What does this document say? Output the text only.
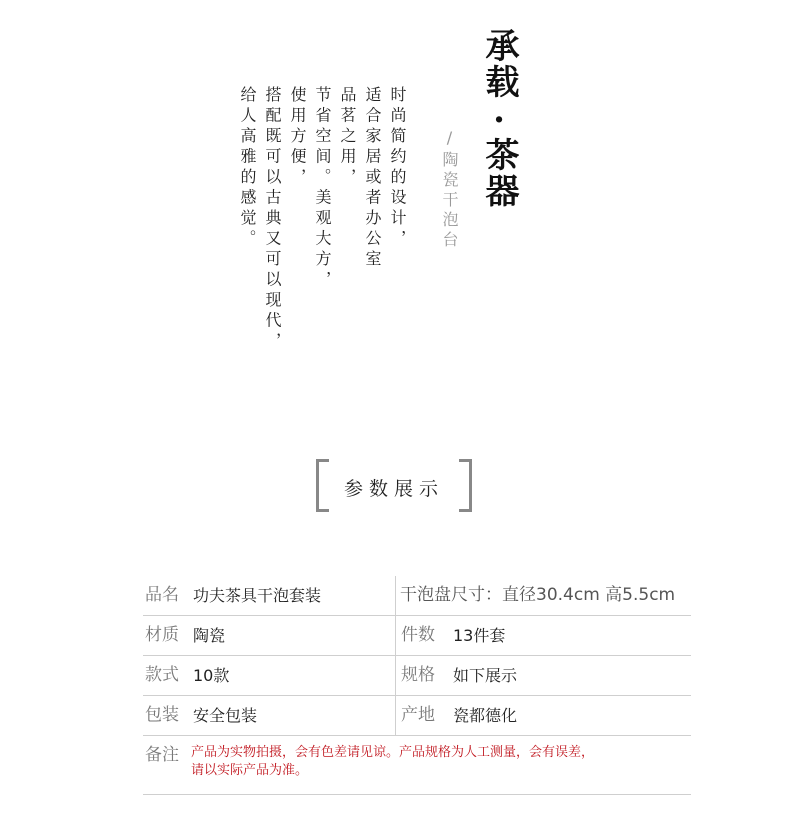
承载·
茶器
/陶瓷干泡台
时尚简约的设计，
适合家居或者办公室
品茗之用，
节省空间。美观大方，
使用方便，
搭配既可以古典又可以现代，
给人高雅的感觉。
参数展示
品名 功夫茶具干泡套装	干泡盘尺寸：直径30.4cm 高5.5cm
材质 陶瓷	件数 13件套
款式 10款	规格 如下展示
包装 安全包装	产地 瓷都德化
备注 产品为实物拍摄，会有色差请见谅。产品规格为人工测量，会有误差，
请以实际产品为准。
